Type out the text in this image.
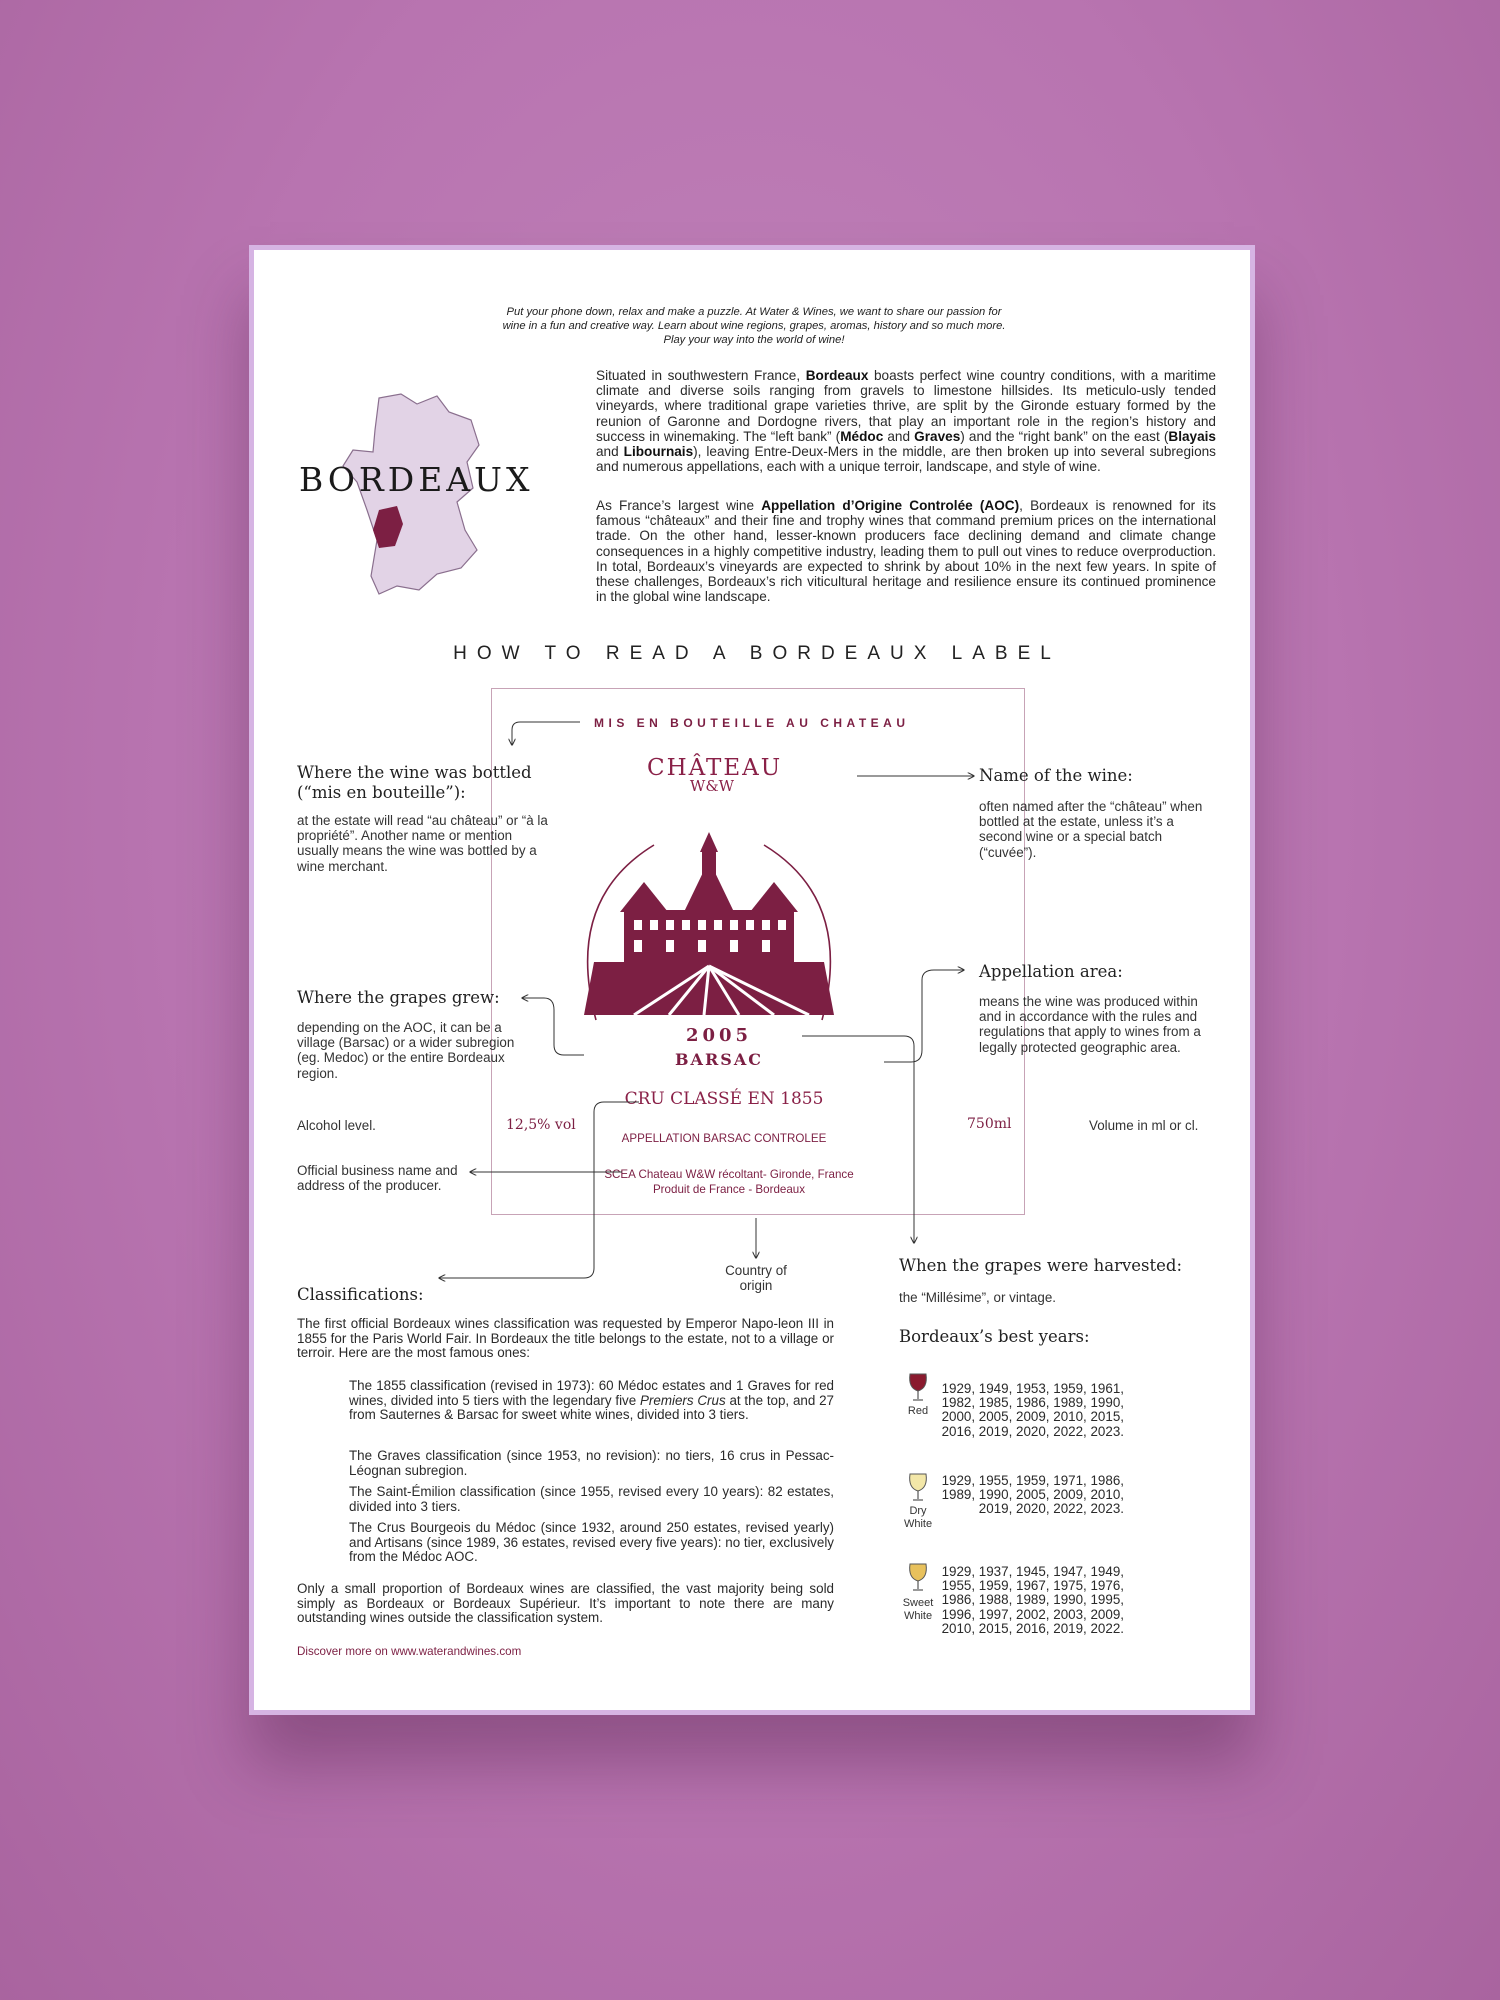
Put your phone down, relax and make a puzzle. At Water & Wines, we want to share our passion for
wine in a fun and creative way. Learn about wine regions, grapes, aromas, history and so much more.
Play your way into the world of wine!
BORDEAUX
Situated in southwestern France, Bordeaux boasts perfect wine country conditions, with a maritime climate and diverse soils ranging from gravels to limestone hillsides. Its meticulo-usly tended vineyards, where traditional grape varieties thrive, are split by the Gironde estuary formed by the reunion of Garonne and Dordogne rivers, that play an important role in the region’s history and success in winemaking. The “left bank” (Médoc and Graves) and the “right bank” on the east (Blayais and Libournais), leaving Entre-Deux-Mers in the middle, are then broken up into several subregions and numerous appellations, each with a unique terroir, landscape, and style of wine.
As France’s largest wine Appellation d’Origine Controlée (AOC), Bordeaux is renowned for its famous “châteaux” and their fine and trophy wines that command premium prices on the international trade. On the other hand, lesser-known producers face declining demand and climate change consequences in a highly competitive industry, leading them to pull out vines to reduce overproduction. In total, Bordeaux’s vineyards are expected to shrink by about 10% in the next few years. In spite of these challenges, Bordeaux’s rich viticultural heritage and resilience ensure its continued prominence in the global wine landscape.
HOW TO READ A BORDEAUX LABEL
MIS EN BOUTEILLE AU CHATEAU
CHÂTEAU
W&W
2005
BARSAC
CRU CLASSÉ EN 1855
12,5% vol	750ml
APPELLATION BARSAC CONTROLEE
SCEA Chateau W&W récoltant- Gironde, France
Produit de France - Bordeaux
Where the wine was bottled
(“mis en bouteille”):
at the estate will read “au château” or “à la propriété”. Another name or mention usually means the wine was bottled by a wine merchant.
Name of the wine:
often named after the “château” when bottled at the estate, unless it’s a second wine or a special batch (“cuvée”).
Appellation area:
means the wine was produced within and in accordance with the rules and regulations that apply to wines from a legally protected geographic area.
Where the grapes grew:
depending on the AOC, it can be a village (Barsac) or a wider subregion (eg. Medoc) or the entire Bordeaux region.
Alcohol level.	Volume in ml or cl.
Official business name and address of the producer.
Country of origin
When the grapes were harvested:
the “Millésime”, or vintage.
Classifications:
The first official Bordeaux wines classification was requested by Emperor Napo-leon III in 1855 for the Paris World Fair. In Bordeaux the title belongs to the estate, not to a village or terroir. Here are the most famous ones:
The 1855 classification (revised in 1973): 60 Médoc estates and 1 Graves for red wines, divided into 5 tiers with the legendary five Premiers Crus at the top, and 27 from Sauternes & Barsac for sweet white wines, divided into 3 tiers.
The Graves classification (since 1953, no revision): no tiers, 16 crus in Pessac-Léognan subregion.
The Saint-Émilion classification (since 1955, revised every 10 years): 82 estates, divided into 3 tiers.
The Crus Bourgeois du Médoc (since 1932, around 250 estates, revised yearly) and Artisans (since 1989, 36 estates, revised every five years): no tier, exclusively from the Médoc AOC.
Only a small proportion of Bordeaux wines are classified, the vast majority being sold simply as Bordeaux or Bordeaux Supérieur. It’s important to note there are many outstanding wines outside the classification system.
Bordeaux’s best years:
Red
1929, 1949, 1953, 1959, 1961, 1982, 1985, 1986, 1989, 1990, 2000, 2005, 2009, 2010, 2015, 2016, 2019, 2020, 2022, 2023.
Dry
White
1929, 1955, 1959, 1971, 1986, 1989, 1990, 2005, 2009, 2010, 2019, 2020, 2022, 2023.
Sweet
White
1929, 1937, 1945, 1947, 1949, 1955, 1959, 1967, 1975, 1976, 1986, 1988, 1989, 1990, 1995, 1996, 1997, 2002, 2003, 2009, 2010, 2015, 2016, 2019, 2022.
Discover more on www.waterandwines.com
